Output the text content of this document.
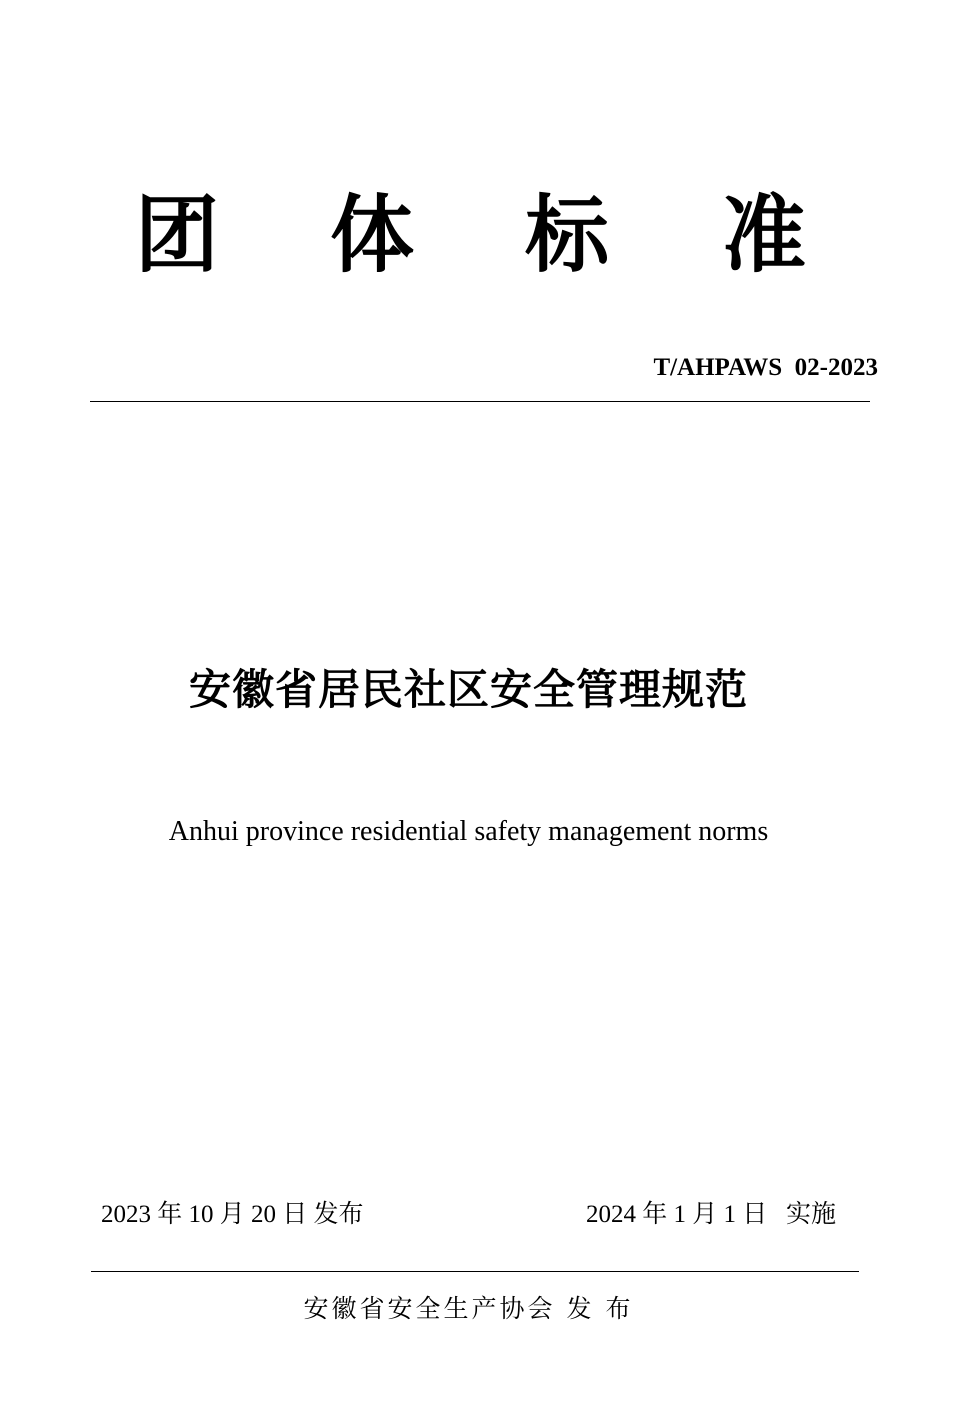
团 体 标 准
T/AHPAWS  02-2023
安徽省居民社区安全管理规范
Anhui province residential safety management norms
2023 年 10 月 20 日 发布	2024 年 1 月 1 日   实施
安徽省安全生产协会 发 布
